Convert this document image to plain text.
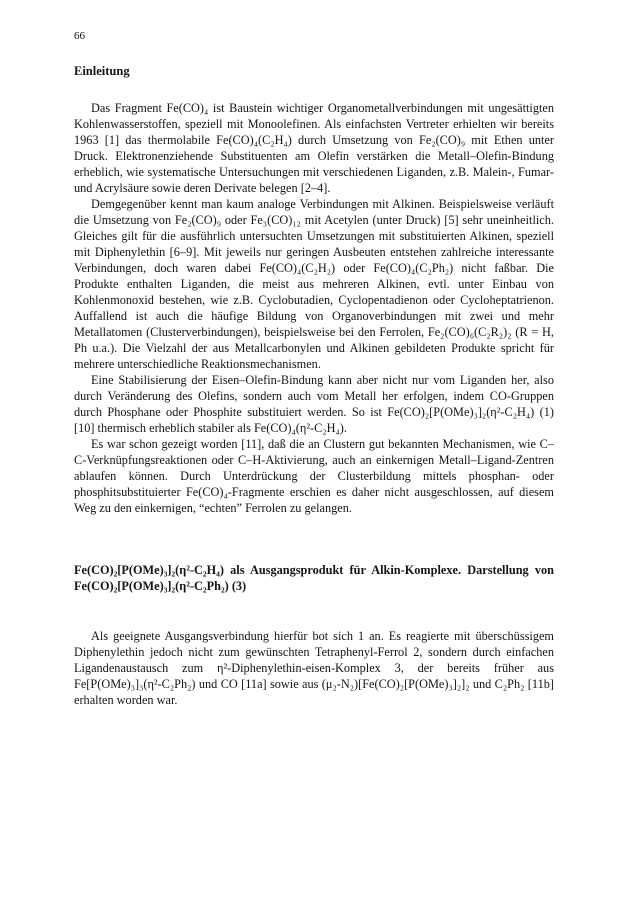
66
Einleitung

Das Fragment Fe(CO)₄ ist Baustein wichtiger Organometallverbindungen mit ungesättigten Kohlenwasserstoffen, speziell mit Monoolefinen. Als einfachsten Vertreter erhielten wir bereits 1963 [1] das thermolabile Fe(CO)₄(C₂H₄) durch Umsetzung von Fe₂(CO)₉ mit Ethen unter Druck. Elektronenziehende Substituenten am Olefin verstärken die Metall–Olefin-Bindung erheblich, wie systematische Untersuchungen mit verschiedenen Liganden, z.B. Malein-, Fumar- und Acrylsäure sowie deren Derivate belegen [2–4].

Demgegenüber kennt man kaum analoge Verbindungen mit Alkinen. Beispielsweise verläuft die Umsetzung von Fe₂(CO)₉ oder Fe₃(CO)₁₂ mit Acetylen (unter Druck) [5] sehr uneinheitlich. Gleiches gilt für die ausführlich untersuchten Umsetzungen mit substituierten Alkinen, speziell mit Diphenylethin [6–9]. Mit jeweils nur geringen Ausbeuten entstehen zahlreiche interessante Verbindungen, doch waren dabei Fe(CO)₄(C₂H₂) oder Fe(CO)₄(C₂Ph₂) nicht faßbar. Die Produkte enthalten Liganden, die meist aus mehreren Alkinen, evtl. unter Einbau von Kohlenmonoxid bestehen, wie z.B. Cyclobutadien, Cyclopentadienon oder Cycloheptatrienon. Auffallend ist auch die häufige Bildung von Organoverbindungen mit zwei und mehr Metallatomen (Clusterverbindungen), beispielsweise bei den Ferrolen, Fe₂(CO)₆(C₂R₂)₂ (R = H, Ph u.a.). Die Vielzahl der aus Metallcarbonylen und Alkinen gebildeten Produkte spricht für mehrere unterschiedliche Reaktionsmechanismen.

Eine Stabilisierung der Eisen–Olefin-Bindung kann aber nicht nur vom Liganden her, also durch Veränderung des Olefins, sondern auch vom Metall her erfolgen, indem CO-Gruppen durch Phosphane oder Phosphite substituiert werden. So ist Fe(CO)₂[P(OMe)₃]₂(η²-C₂H₄) (1) [10] thermisch erheblich stabiler als Fe(CO)₄(η²-C₂H₄).

Es war schon gezeigt worden [11], daß die an Clustern gut bekannten Mechanismen, wie C–C-Verknüpfungsreaktionen oder C–H-Aktivierung, auch an einkernigen Metall–Ligand-Zentren ablaufen können. Durch Unterdrückung der Clusterbildung mittels phosphan- oder phosphitsubstituierter Fe(CO)₄-Fragmente erschien es daher nicht ausgeschlossen, auf diesem Weg zu den einkernigen, “echten” Ferrolen zu gelangen.

Fe(CO)₂[P(OMe)₃]₂(η²-C₂H₄) als Ausgangsprodukt für Alkin-Komplexe. Darstellung von Fe(CO)₂[P(OMe)₃]₂(η²-C₂Ph₂) (3)

Als geeignete Ausgangsverbindung hierfür bot sich 1 an. Es reagierte mit überschüssigem Diphenylethin jedoch nicht zum gewünschten Tetraphenyl-Ferrol 2, sondern durch einfachen Ligandenaustausch zum η²-Diphenylethin-eisen-Komplex 3, der bereits früher aus Fe[P(OMe)₃]₃(η²-C₂Ph₂) und CO [11a] sowie aus (μ₂-N₂)[Fe(CO)₂[P(OMe)₃]₂]₂ und C₂Ph₂ [11b] erhalten worden war.
